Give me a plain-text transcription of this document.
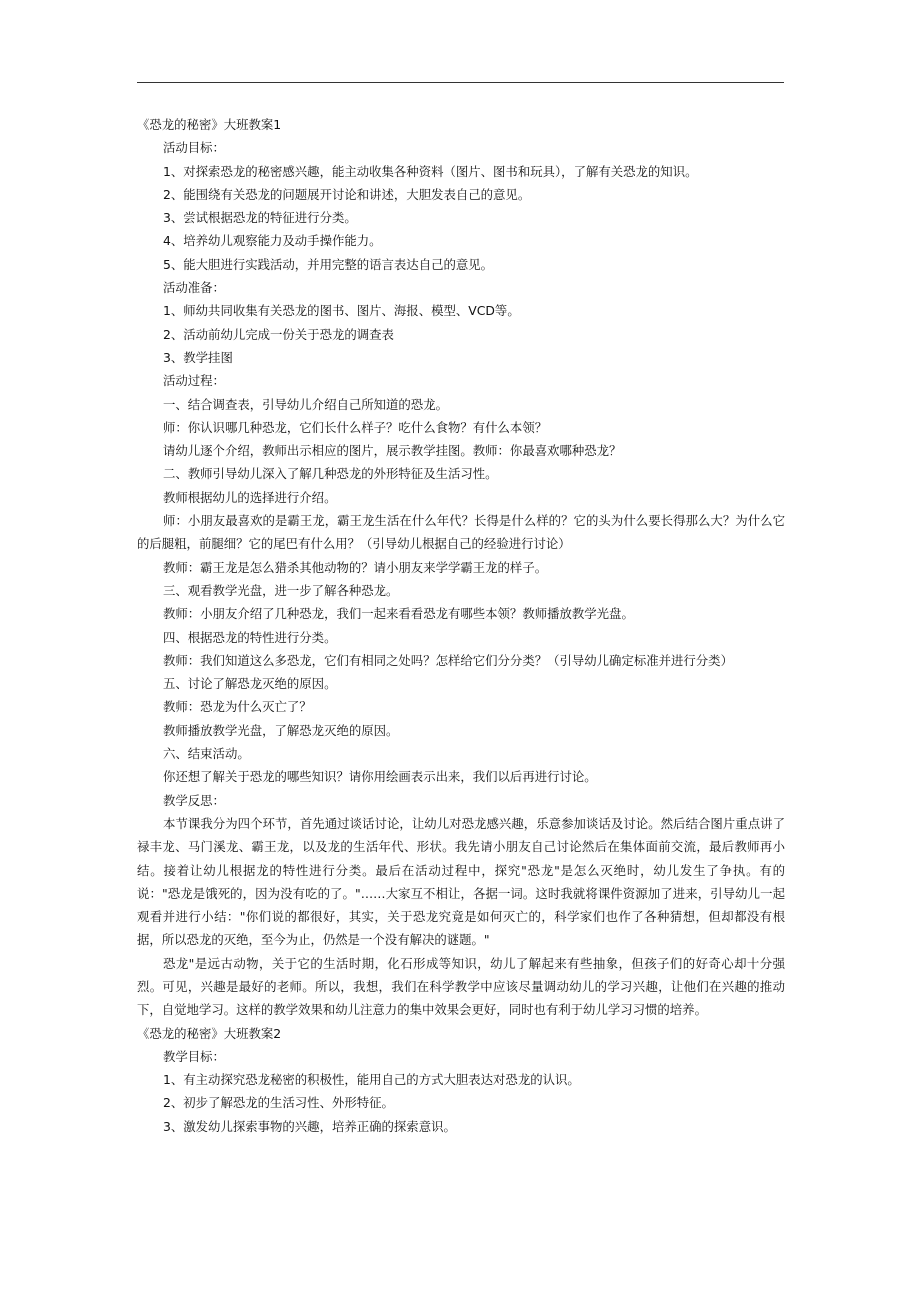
《恐龙的秘密》大班教案1

活动目标：

1、对探索恐龙的秘密感兴趣，能主动收集各种资料（图片、图书和玩具），了解有关恐龙的知识。

2、能围绕有关恐龙的问题展开讨论和讲述，大胆发表自己的意见。

3、尝试根据恐龙的特征进行分类。

4、培养幼儿观察能力及动手操作能力。

5、能大胆进行实践活动，并用完整的语言表达自己的意见。

活动准备：

1、师幼共同收集有关恐龙的图书、图片、海报、模型、VCD等。

2、活动前幼儿完成一份关于恐龙的调查表

3、教学挂图

活动过程：

一、结合调查表，引导幼儿介绍自己所知道的恐龙。

师：你认识哪几种恐龙，它们长什么样子？吃什么食物？有什么本领？

请幼儿逐个介绍，教师出示相应的图片，展示教学挂图。教师：你最喜欢哪种恐龙？

二、教师引导幼儿深入了解几种恐龙的外形特征及生活习性。

教师根据幼儿的选择进行介绍。

师：小朋友最喜欢的是霸王龙，霸王龙生活在什么年代？长得是什么样的？它的头为什么要长得那么大？为什么它的后腿粗，前腿细？它的尾巴有什么用？（引导幼儿根据自己的经验进行讨论）

教师：霸王龙是怎么猎杀其他动物的？请小朋友来学学霸王龙的样子。

三、观看教学光盘，进一步了解各种恐龙。

教师：小朋友介绍了几种恐龙，我们一起来看看恐龙有哪些本领？教师播放教学光盘。

四、根据恐龙的特性进行分类。

教师：我们知道这么多恐龙，它们有相同之处吗？怎样给它们分分类？（引导幼儿确定标准并进行分类）

五、讨论了解恐龙灭绝的原因。

教师：恐龙为什么灭亡了？

教师播放教学光盘，了解恐龙灭绝的原因。

六、结束活动。

你还想了解关于恐龙的哪些知识？请你用绘画表示出来，我们以后再进行讨论。

教学反思：

本节课我分为四个环节，首先通过谈话讨论，让幼儿对恐龙感兴趣，乐意参加谈话及讨论。然后结合图片重点讲了禄丰龙、马门溪龙、霸王龙，以及龙的生活年代、形状。我先请小朋友自己讨论然后在集体面前交流，最后教师再小结。接着让幼儿根据龙的特性进行分类。最后在活动过程中，探究"恐龙"是怎么灭绝时，幼儿发生了争执。有的说："恐龙是饿死的，因为没有吃的了。"……大家互不相让，各据一词。这时我就将课件资源加了进来，引导幼儿一起观看并进行小结："你们说的都很好，其实，关于恐龙究竟是如何灭亡的，科学家们也作了各种猜想，但却都没有根据，所以恐龙的灭绝，至今为止，仍然是一个没有解决的谜题。"

恐龙"是远古动物，关于它的生活时期，化石形成等知识，幼儿了解起来有些抽象，但孩子们的好奇心却十分强烈。可见，兴趣是最好的老师。所以，我想，我们在科学教学中应该尽量调动幼儿的学习兴趣，让他们在兴趣的推动下，自觉地学习。这样的教学效果和幼儿注意力的集中效果会更好，同时也有利于幼儿学习习惯的培养。

《恐龙的秘密》大班教案2

教学目标：

1、有主动探究恐龙秘密的积极性，能用自己的方式大胆表达对恐龙的认识。

2、初步了解恐龙的生活习性、外形特征。

3、激发幼儿探索事物的兴趣，培养正确的探索意识。
